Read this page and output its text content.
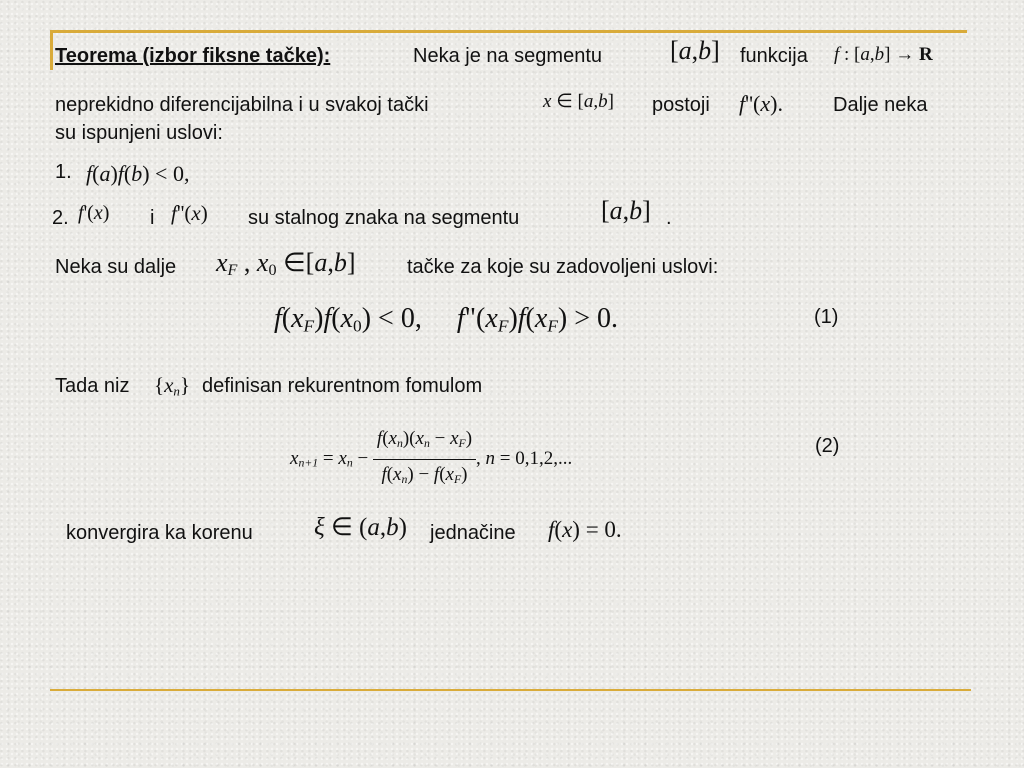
Teorema (izbor fiksne tačke):	Neka je na segmentu	[a,b] funkcija f : [a,b] → R
neprekidno diferencijabilna i u svakoj tački	x ∈ [a,b] postoji f''(x).	Dalje neka
su ispunjeni uslovi:
1. f(a)f(b) < 0,
2. f'(x) i f''(x) su stalnog znaka na segmentu	[a,b] .
Neka su dalje $x_F$ , $x_0$ ∈[a,b]	tačke za koje su zadovoljeni uslovi:
$f(x_F)f(x_0) < 0$,     $f"(x_F)f(x_F) > 0$.	(1)
Tada niz $\{x_n\}$ definisan rekurentnom fomulom
$x_{n+1} = x_n - \frac{f(x_n)(x_n - x_F)}{f(x_n) - f(x_F)}$ , n = 0,1,2,...
(2)
konvergira ka korenu ξ ∈ (a,b) jednačine f(x) = 0.
